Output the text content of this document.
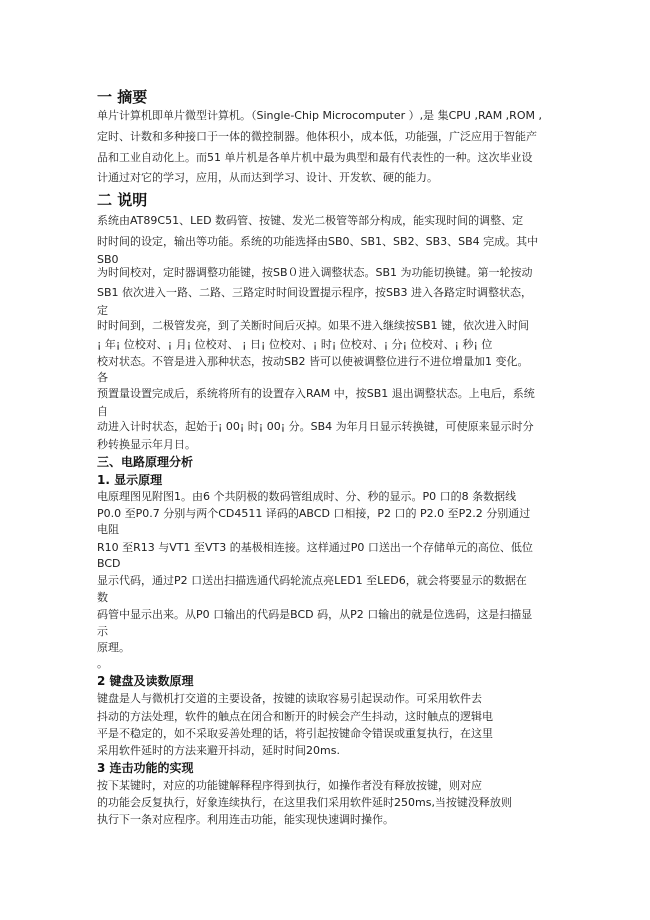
一 摘要
单片计算机即单片微型计算机。（Single-Chip Microcomputer ）,是 集CPU ,RAM ,ROM ,
定时、计数和多种接口于一体的微控制器。他体积小，成本低，功能强，广泛应用于智能产
品和工业自动化上。而51 单片机是各单片机中最为典型和最有代表性的一种。这次毕业设
计通过对它的学习，应用，从而达到学习、设计、开发软、硬的能力。
二 说明
系统由AT89C51、LED 数码管、按键、发光二极管等部分构成，能实现时间的调整、定
时时间的设定，输出等功能。系统的功能选择由SB0、SB1、SB2、SB3、SB4 完成。其中
SB0
为时间校对，定时器调整功能键，按SB０进入调整状态。SB1 为功能切换键。第一轮按动
SB1 依次进入一路、二路、三路定时时间设置提示程序，按SB3 进入各路定时调整状态，
定
时时间到，二极管发亮，到了关断时间后灭掉。如果不进入继续按SB1 键，依次进入时间
¡ 年¡ 位校对、¡ 月¡ 位校对、 ¡ 日¡ 位校对、¡ 时¡ 位校对、¡ 分¡ 位校对、¡ 秒¡ 位
校对状态。不管是进入那种状态，按动SB2 皆可以使被调整位进行不进位增量加1 变化。
各
预置量设置完成后，系统将所有的设置存入RAM 中，按SB1 退出调整状态。上电后，系统
自
动进入计时状态，起始于¡ 00¡ 时¡ 00¡ 分。SB4 为年月日显示转换键，可使原来显示时分
秒转换显示年月日。
三、电路原理分析
1. 显示原理
电原理图见附图1。由6 个共阴极的数码管组成时、分、秒的显示。P0 口的8 条数据线
P0.0 至P0.7 分别与两个CD4511 译码的ABCD 口相接，P2 口的 P2.0 至P2.2 分别通过
电阻
R10 至R13 与VT1 至VT3 的基极相连接。这样通过P0 口送出一个存储单元的高位、低位
BCD
显示代码，通过P2 口送出扫描选通代码轮流点亮LED1 至LED6，就会将要显示的数据在
数
码管中显示出来。从P0 口输出的代码是BCD 码，从P2 口输出的就是位选码，这是扫描显
示
原理。
。
2 键盘及读数原理
键盘是人与微机打交道的主要设备，按键的读取容易引起误动作。可采用软件去
抖动的方法处理，软件的触点在闭合和断开的时候会产生抖动，这时触点的逻辑电
平是不稳定的，如不采取妥善处理的话，将引起按键命令错误或重复执行，在这里
采用软件延时的方法来避开抖动，延时时间20ms.
3 连击功能的实现
按下某键时，对应的功能键解释程序得到执行，如操作者没有释放按键，则对应
的功能会反复执行，好象连续执行，在这里我们采用软件延时250ms,当按键没释放则
执行下一条对应程序。利用连击功能，能实现快速调时操作。
